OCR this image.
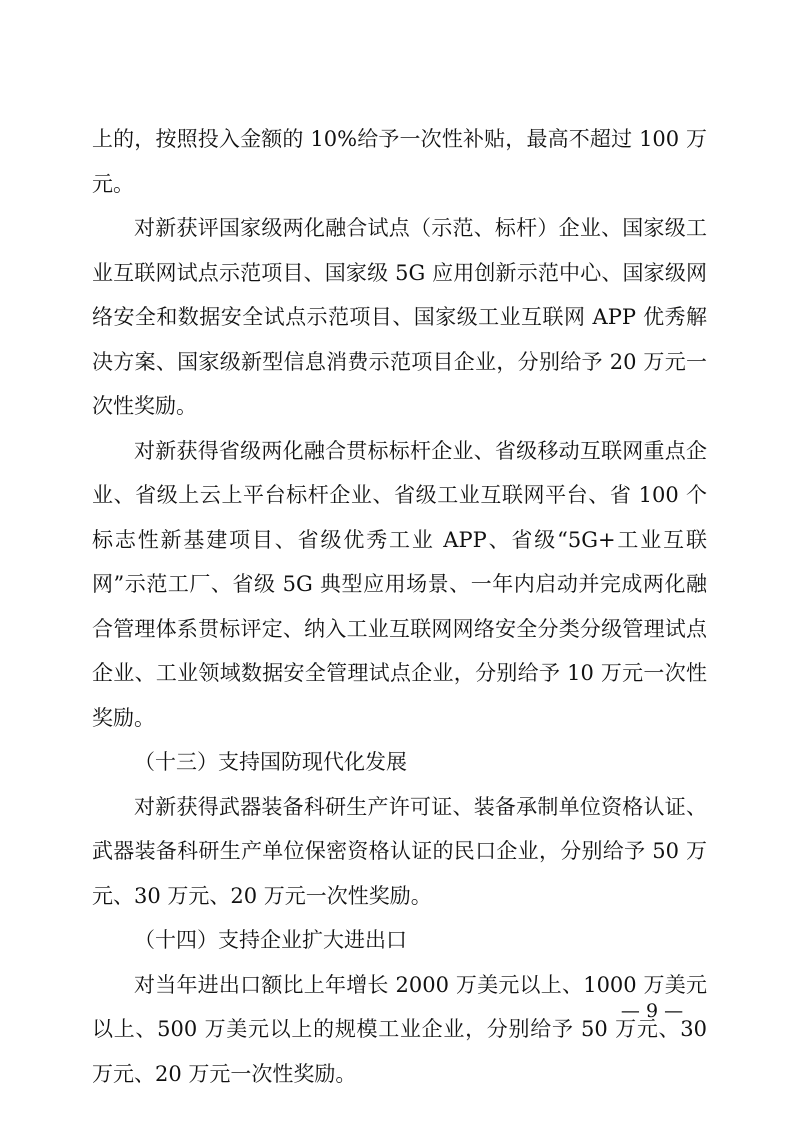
上的，按照投入金额的 10%给予一次性补贴，最高不超过 100 万元。

对新获评国家级两化融合试点（示范、标杆）企业、国家级工业互联网试点示范项目、国家级 5G 应用创新示范中心、国家级网络安全和数据安全试点示范项目、国家级工业互联网 APP 优秀解决方案、国家级新型信息消费示范项目企业，分别给予 20 万元一次性奖励。

对新获得省级两化融合贯标标杆企业、省级移动互联网重点企业、省级上云上平台标杆企业、省级工业互联网平台、省 100 个标志性新基建项目、省级优秀工业 APP、省级“5G+工业互联网”示范工厂、省级 5G 典型应用场景、一年内启动并完成两化融合管理体系贯标评定、纳入工业互联网网络安全分类分级管理试点企业、工业领域数据安全管理试点企业，分别给予 10 万元一次性奖励。

（十三）支持国防现代化发展

对新获得武器装备科研生产许可证、装备承制单位资格认证、武器装备科研生产单位保密资格认证的民口企业，分别给予 50 万元、30 万元、20 万元一次性奖励。

（十四）支持企业扩大进出口

对当年进出口额比上年增长 2000 万美元以上、1000 万美元以上、500 万美元以上的规模工业企业，分别给予 50 万元、30 万元、20 万元一次性奖励。

— 9 —
